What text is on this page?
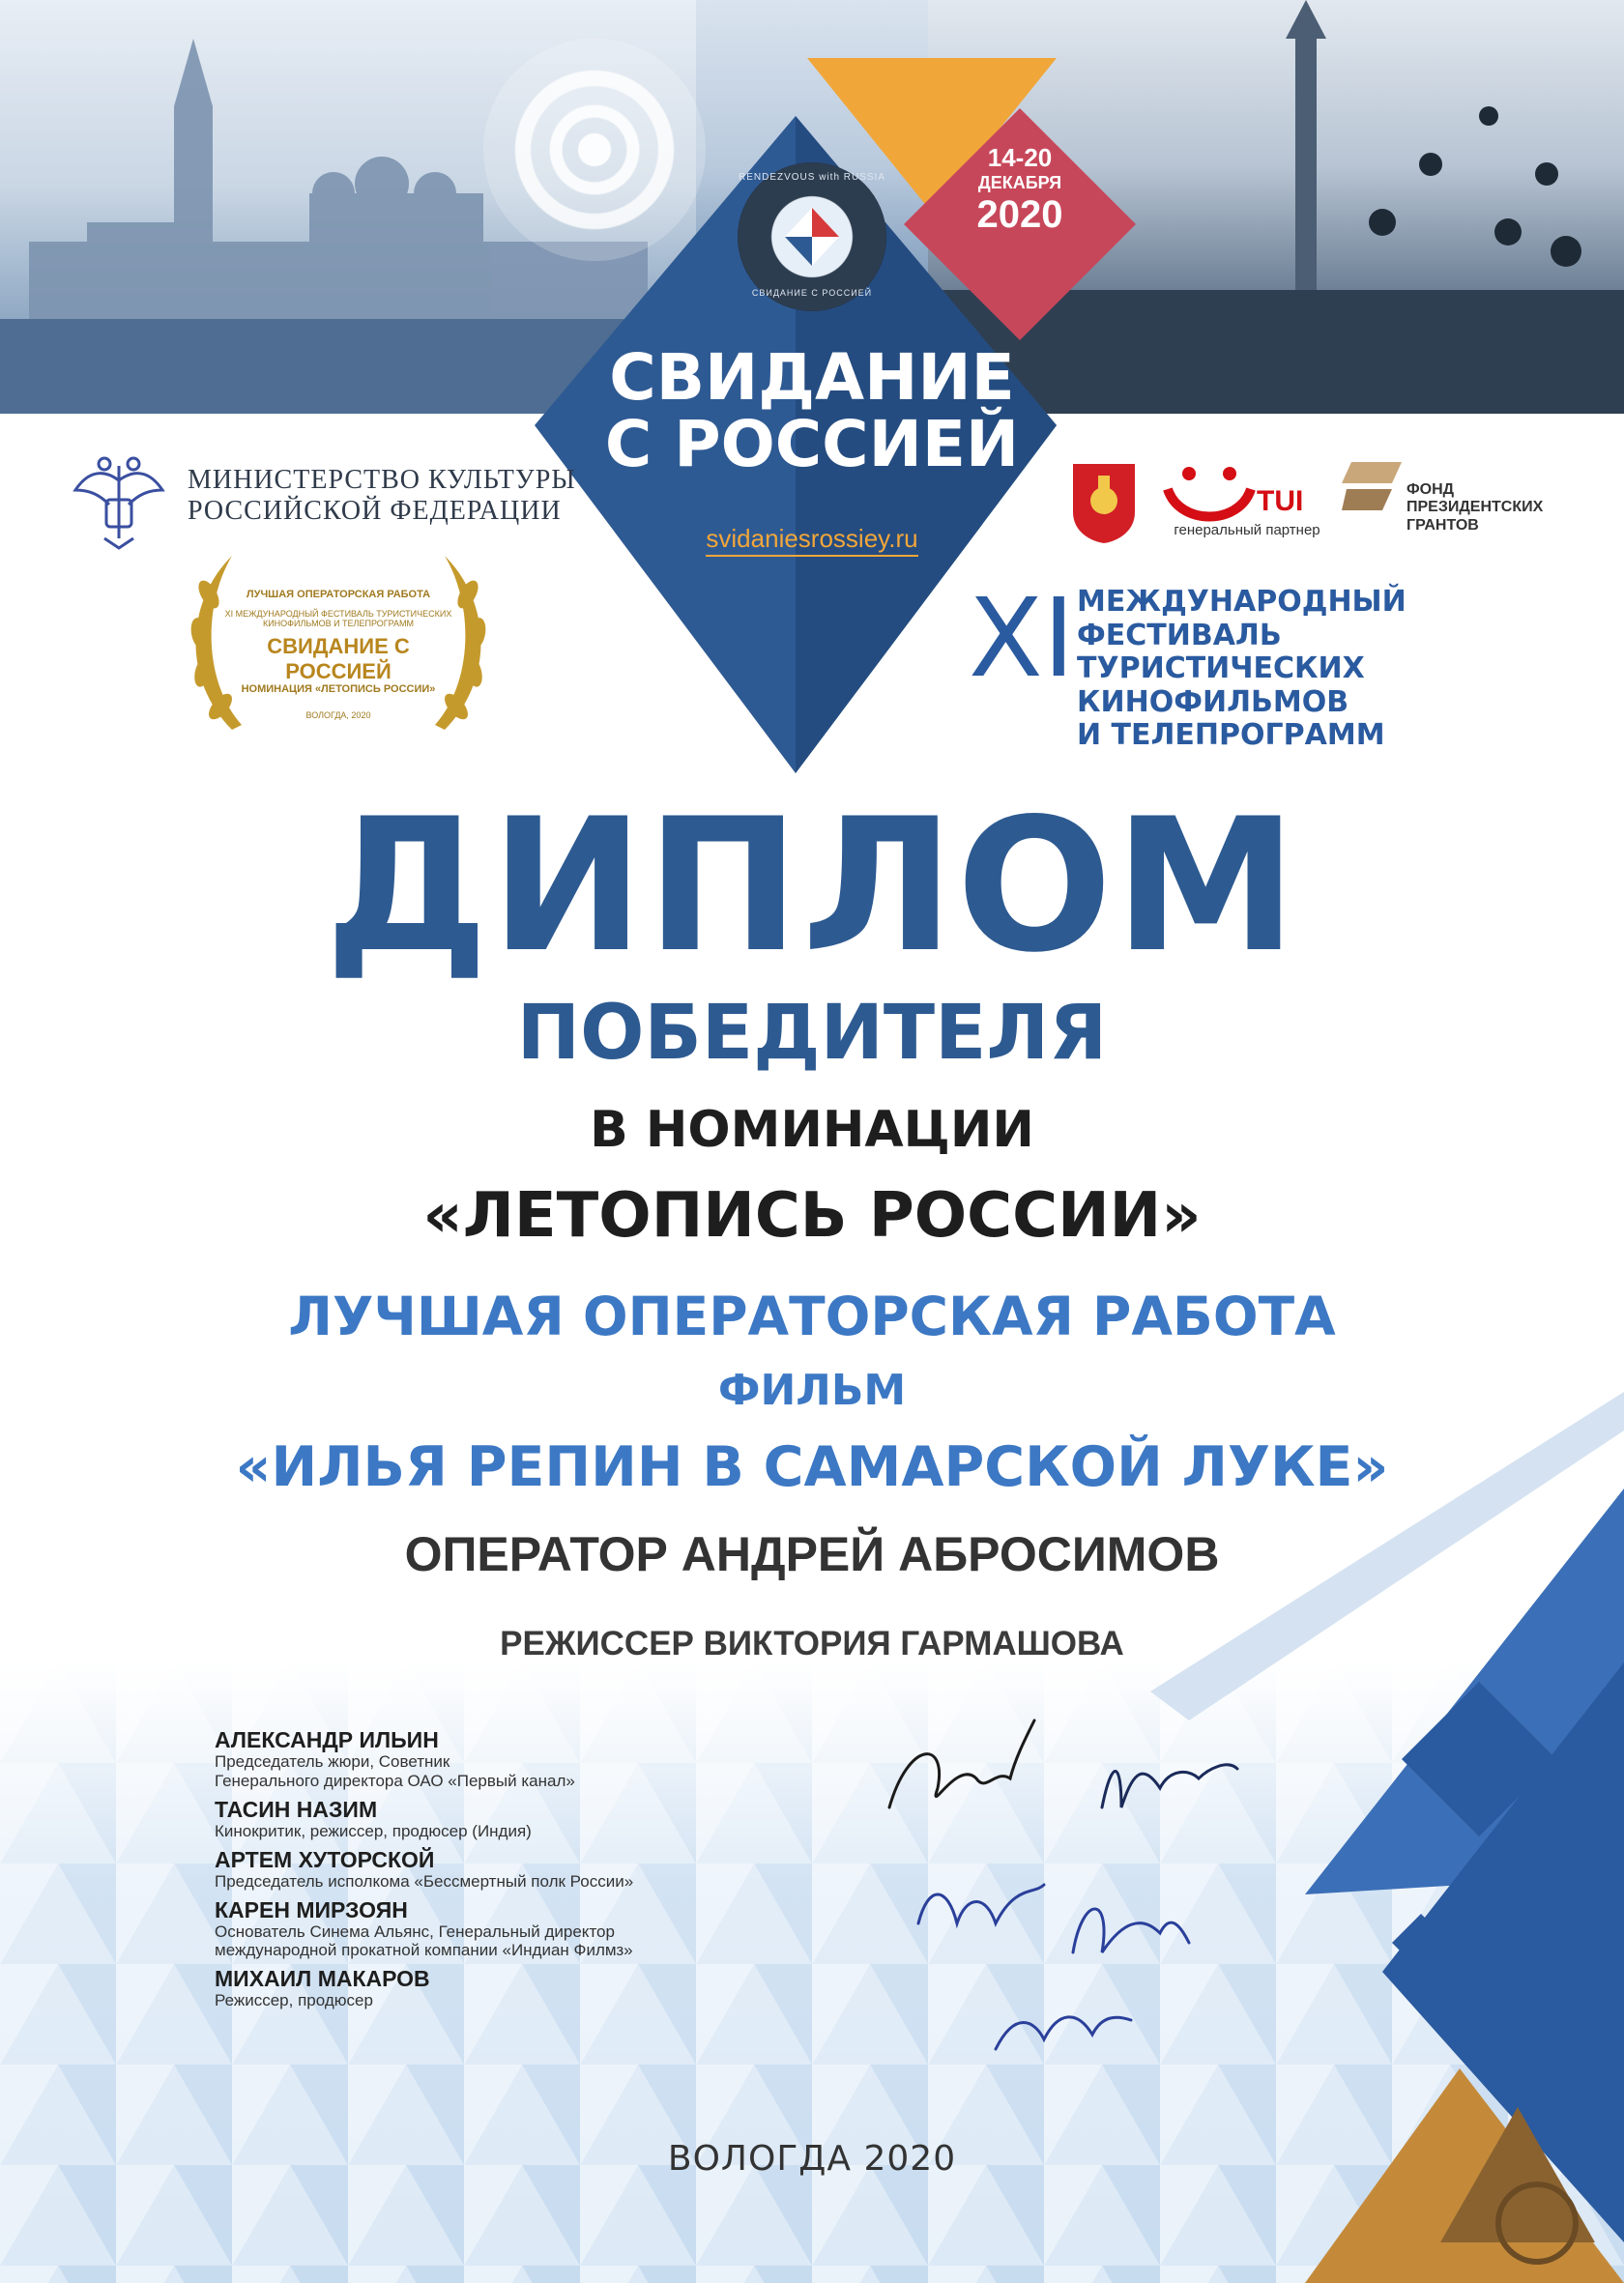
14-20
ДЕКАБРЯ
2020
RENDEZVOUS with RUSSIA
СВИДАНИЕ С РОССИЕЙ
СВИДАНИЕ
С РОССИЕЙ
svidaniesrossiey.ru
МИНИСТЕРСТВО КУЛЬТУРЫ
РОССИЙСКОЙ ФЕДЕРАЦИИ
ЛУЧШАЯ ОПЕРАТОРСКАЯ РАБОТА
XI МЕЖДУНАРОДНЫЙ ФЕСТИВАЛЬ ТУРИСТИЧЕСКИХ КИНОФИЛЬМОВ И ТЕЛЕПРОГРАММ
СВИДАНИЕ С РОССИЕЙ
НОМИНАЦИЯ «ЛЕТОПИСЬ РОССИИ»
ВОЛОГДА, 2020
TUI
генеральный партнер
ФОНД
ПРЕЗИДЕНТСКИХ
ГРАНТОВ
XI МЕЖДУНАРОДНЫЙ ФЕСТИВАЛЬ
ТУРИСТИЧЕСКИХ КИНОФИЛЬМОВ
И ТЕЛЕПРОГРАММ
ДИПЛОМ
ПОБЕДИТЕЛЯ
В НОМИНАЦИИ
«ЛЕТОПИСЬ РОССИИ»
ЛУЧШАЯ ОПЕРАТОРСКАЯ РАБОТА
ФИЛЬМ
«ИЛЬЯ РЕПИН В САМАРСКОЙ ЛУКЕ»
ОПЕРАТОР АНДРЕЙ АБРОСИМОВ
РЕЖИССЕР ВИКТОРИЯ ГАРМАШОВА
АЛЕКСАНДР ИЛЬИН
Председатель жюри, Советник
Генерального директора ОАО «Первый канал»
ТАСИН НАЗИМ
Кинокритик, режиссер, продюсер (Индия)
АРТЕМ ХУТОРСКОЙ
Председатель исполкома «Бессмертный полк России»
КАРЕН МИРЗОЯН
Основатель Синема Альянс, Генеральный директор
международной прокатной компании «Индиан Филмз»
МИХАИЛ МАКАРОВ
Режиссер, продюсер
ВОЛОГДА 2020
